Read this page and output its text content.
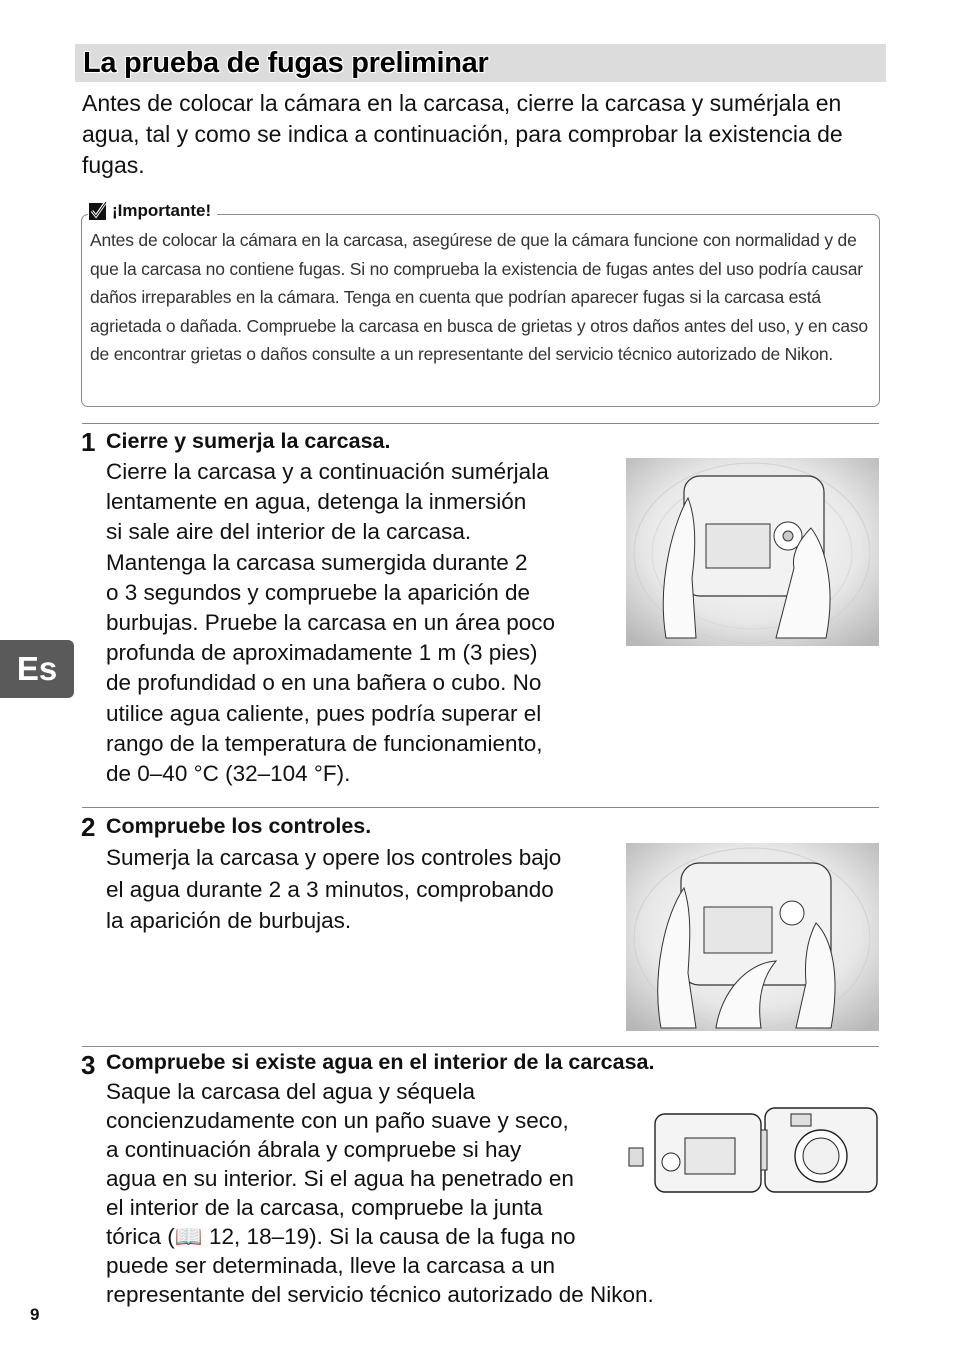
La prueba de fugas preliminar
Antes de colocar la cámara en la carcasa, cierre la carcasa y sumérjala en agua, tal y como se indica a continuación, para comprobar la existencia de fugas.
¡Importante!
Antes de colocar la cámara en la carcasa, asegúrese de que la cámara funcione con normalidad y de que la carcasa no contiene fugas. Si no comprueba la existencia de fugas antes del uso podría causar daños irreparables en la cámara. Tenga en cuenta que podrían aparecer fugas si la carcasa está agrietada o dañada. Compruebe la carcasa en busca de grietas y otros daños antes del uso, y en caso de encontrar grietas o daños consulte a un representante del servicio técnico autorizado de Nikon.
1 Cierre y sumerja la carcasa.
Cierre la carcasa y a continuación sumérjala
lentamente en agua, detenga la inmersión
si sale aire del interior de la carcasa.
Mantenga la carcasa sumergida durante 2
o 3 segundos y compruebe la aparición de
burbujas. Pruebe la carcasa en un área poco
profunda de aproximadamente 1 m (3 pies)
de profundidad o en una bañera o cubo. No
utilice agua caliente, pues podría superar el
rango de la temperatura de funcionamiento,
de 0–40 °C (32–104 °F).
2 Compruebe los controles.
Sumerja la carcasa y opere los controles bajo
el agua durante 2 a 3 minutos, comprobando
la aparición de burbujas.
3 Compruebe si existe agua en el interior de la carcasa.
Saque la carcasa del agua y séquela
concienzudamente con un paño suave y seco,
a continuación ábrala y compruebe si hay
agua en su interior. Si el agua ha penetrado en
el interior de la carcasa, compruebe la junta
tórica (📖 12, 18–19). Si la causa de la fuga no
puede ser determinada, lleve la carcasa a un
representante del servicio técnico autorizado de Nikon.
Es
9
